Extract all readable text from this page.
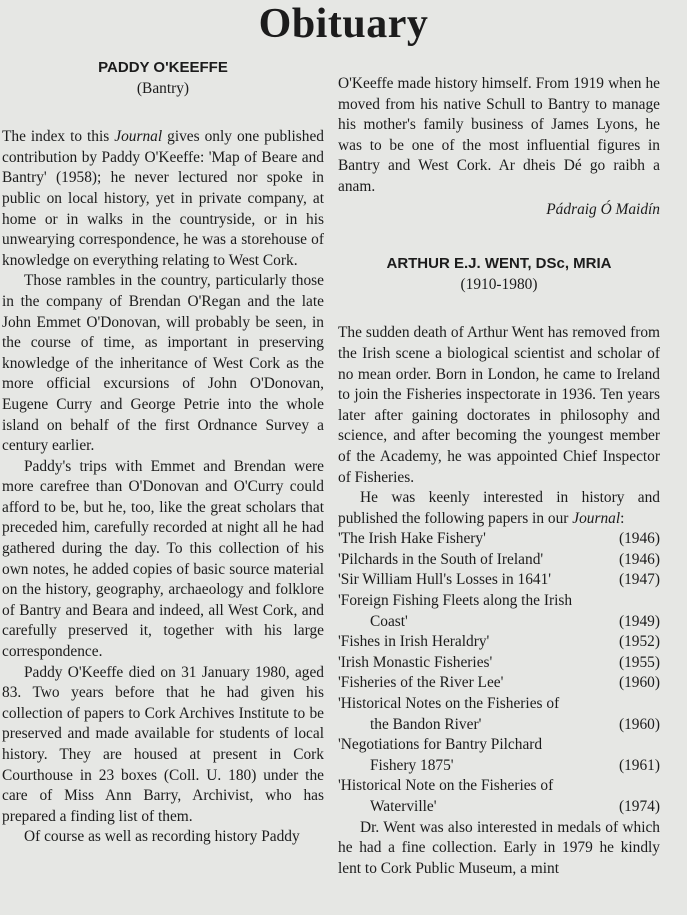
Obituary
PADDY O'KEEFFE
(Bantry)

The index to this Journal gives only one published contribution by Paddy O'Keeffe: 'Map of Beare and Bantry' (1958); he never lectured nor spoke in public on local history, yet in private company, at home or in walks in the countryside, or in his unwearying correspondence, he was a storehouse of knowledge on everything relating to West Cork.

Those rambles in the country, particularly those in the company of Brendan O'Regan and the late John Emmet O'Donovan, will probably be seen, in the course of time, as important in preserving knowledge of the inheritance of West Cork as the more official excursions of John O'Donovan, Eugene Curry and George Petrie into the whole island on behalf of the first Ordnance Survey a century earlier.

Paddy's trips with Emmet and Brendan were more carefree than O'Donovan and O'Curry could afford to be, but he, too, like the great scholars that preceded him, carefully recorded at night all he had gathered during the day. To this collection of his own notes, he added copies of basic source material on the history, geography, archaeology and folklore of Bantry and Beara and indeed, all West Cork, and carefully preserved it, together with his large correspondence.

Paddy O'Keeffe died on 31 January 1980, aged 83. Two years before that he had given his collection of papers to Cork Archives Institute to be preserved and made available for students of local history. They are housed at present in Cork Courthouse in 23 boxes (Coll. U. 180) under the care of Miss Ann Barry, Archivist, who has prepared a finding list of them.

Of course as well as recording history Paddy

O'Keeffe made history himself. From 1919 when he moved from his native Schull to Bantry to manage his mother's family business of James Lyons, he was to be one of the most influential figures in Bantry and West Cork. Ar dheis Dé go raibh a anam.

Pádraig Ó Maidín
ARTHUR E.J. WENT, DSc, MRIA
(1910-1980)

The sudden death of Arthur Went has removed from the Irish scene a biological scientist and scholar of no mean order. Born in London, he came to Ireland to join the Fisheries inspectorate in 1936. Ten years later after gaining doctorates in philosophy and science, and after becoming the youngest member of the Academy, he was appointed Chief Inspector of Fisheries.

He was keenly interested in history and published the following papers in our Journal:

'The Irish Hake Fishery'	(1946)
'Pilchards in the South of Ireland'	(1946)
'Sir William Hull's Losses in 1641'	(1947)
'Foreign Fishing Fleets along the Irish
Coast'	(1949)
'Fishes in Irish Heraldry'	(1952)
'Irish Monastic Fisheries'	(1955)
'Fisheries of the River Lee'	(1960)
'Historical Notes on the Fisheries of
the Bandon River'	(1960)
'Negotiations for Bantry Pilchard
Fishery 1875'	(1961)
'Historical Note on the Fisheries of
Waterville'	(1974)

Dr. Went was also interested in medals of which he had a fine collection. Early in 1979 he kindly lent to Cork Public Museum, a mint
